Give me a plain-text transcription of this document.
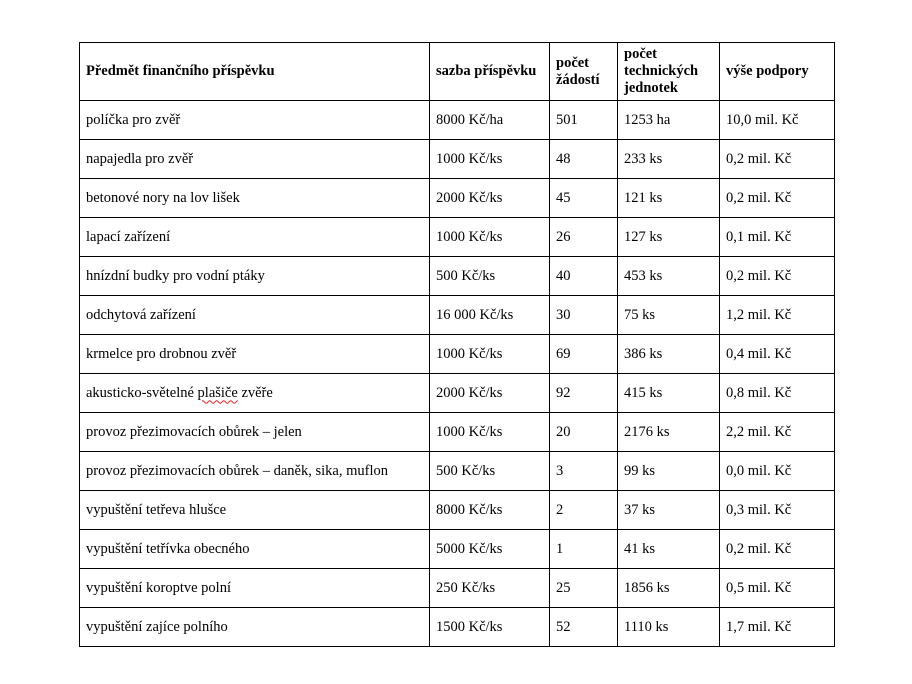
Předmět finančního příspěvku	sazba příspěvku	počet žádostí	počet technických jednotek	výše podpory
políčka pro zvěř	8000 Kč/ha	501	1253 ha	10,0 mil. Kč
napajedla pro zvěř	1000 Kč/ks	48	233 ks	0,2 mil. Kč
betonové nory na lov lišek	2000 Kč/ks	45	121 ks	0,2 mil. Kč
lapací zařízení	1000 Kč/ks	26	127 ks	0,1 mil. Kč
hnízdní budky pro vodní ptáky	500 Kč/ks	40	453 ks	0,2 mil. Kč
odchytová zařízení	16 000 Kč/ks	30	75 ks	1,2 mil. Kč
krmelce pro drobnou zvěř	1000 Kč/ks	69	386 ks	0,4 mil. Kč
akusticko-světelné plašiče zvěře	2000 Kč/ks	92	415 ks	0,8 mil. Kč
provoz přezimovacích obůrek – jelen	1000 Kč/ks	20	2176 ks	2,2 mil. Kč
provoz přezimovacích obůrek – daněk, sika, muflon	500 Kč/ks	3	99 ks	0,0 mil. Kč
vypuštění tetřeva hlušce	8000 Kč/ks	2	37 ks	0,3 mil. Kč
vypuštění tetřívka obecného	5000 Kč/ks	1	41 ks	0,2 mil. Kč
vypuštění koroptve polní	250 Kč/ks	25	1856 ks	0,5 mil. Kč
vypuštění zajíce polního	1500 Kč/ks	52	1110 ks	1,7 mil. Kč
